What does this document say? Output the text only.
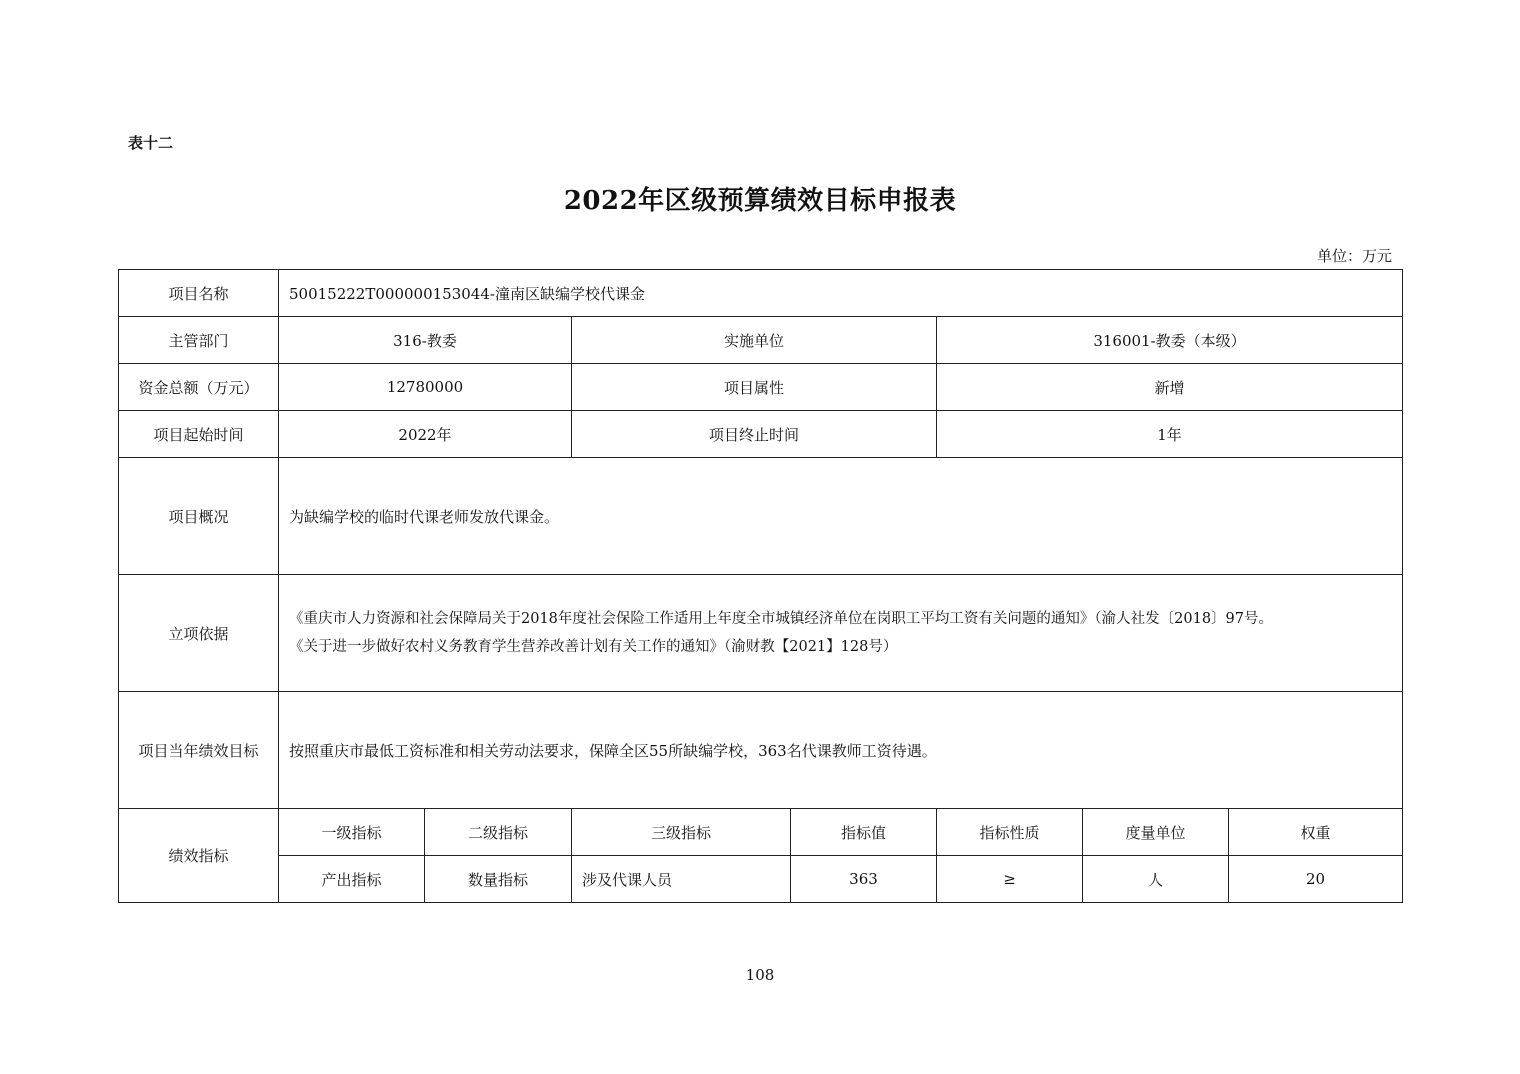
表十二
2022年区级预算绩效目标申报表
单位：万元
项目名称	50015222T000000153044-潼南区缺编学校代课金						
主管部门	316-教委		实施单位		316001-教委（本级）		
资金总额（万元）	12780000		项目属性		新增		
项目起始时间	2022年		项目终止时间		1年		
项目概况	为缺编学校的临时代课老师发放代课金。						
立项依据	《重庆市人力资源和社会保障局关于2018年度社会保险工作适用上年度全市城镇经济单位在岗职工平均工资有关问题的通知》（渝人社发〔2018〕97号。
《关于进一步做好农村义务教育学生营养改善计划有关工作的通知》（渝财教【2021】128号）						

项目当年绩效目标	按照重庆市最低工资标准和相关劳动法要求，保障全区55所缺编学校，363名代课教师工资待遇。						
绩效指标	一级指标	二级指标	三级指标	指标值	指标性质	度量单位	权重
	产出指标	数量指标	涉及代课人员	363	≥	人	20
108
